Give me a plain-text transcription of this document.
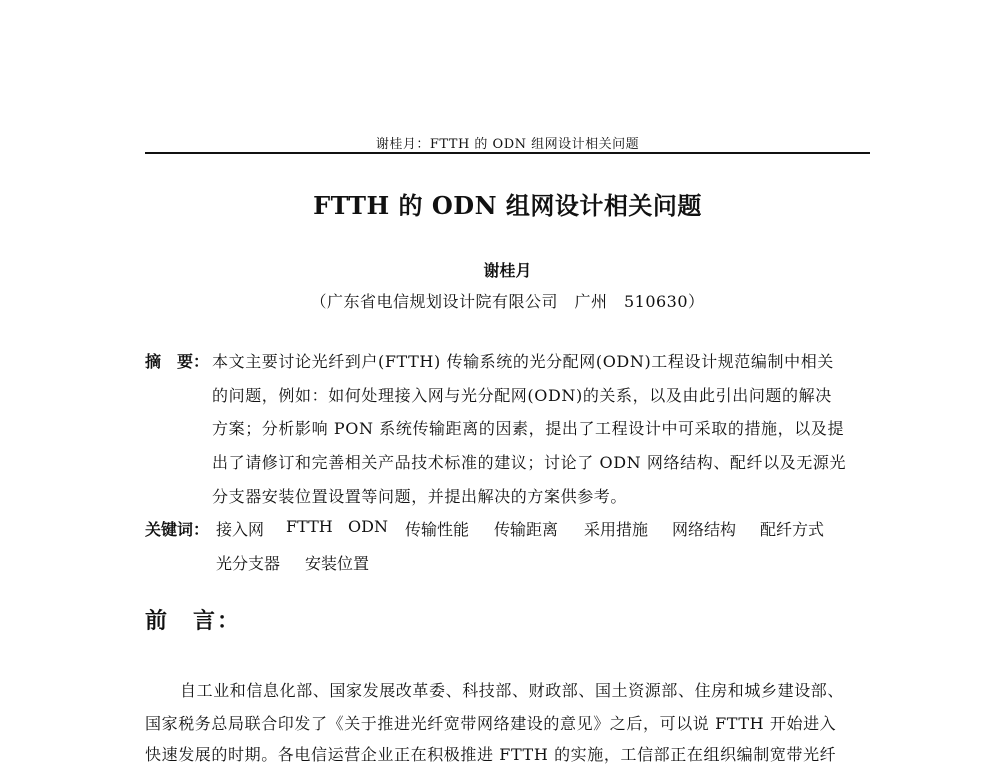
谢桂月：FTTH 的 ODN 组网设计相关问题
FTTH 的 ODN 组网设计相关问题
谢桂月
（广东省电信规划设计院有限公司　广州　510630）
摘　要： 本文主要讨论光纤到户(FTTH) 传输系统的光分配网(ODN)工程设计规范编制中相关
的问题，例如：如何处理接入网与光分配网(ODN)的关系，以及由此引出问题的解决
方案；分析影响 PON 系统传输距离的因素，提出了工程设计中可采取的措施，以及提
出了请修订和完善相关产品技术标准的建议；讨论了 ODN 网络结构、配纤以及无源光
分支器安装位置设置等问题，并提出解决的方案供参考。
关键词： 接入网 FTTH ODN 传输性能 传输距离 采用措施 网络结构 配纤方式
光分支器 安装位置
前　言：
自工业和信息化部、国家发展改革委、科技部、财政部、国土资源部、住房和城乡建设部、
国家税务总局联合印发了《关于推进光纤宽带网络建设的意见》之后，可以说 FTTH 开始进入
快速发展的时期。各电信运营企业正在积极推进 FTTH 的实施，工信部正在组织编制宽带光纤
